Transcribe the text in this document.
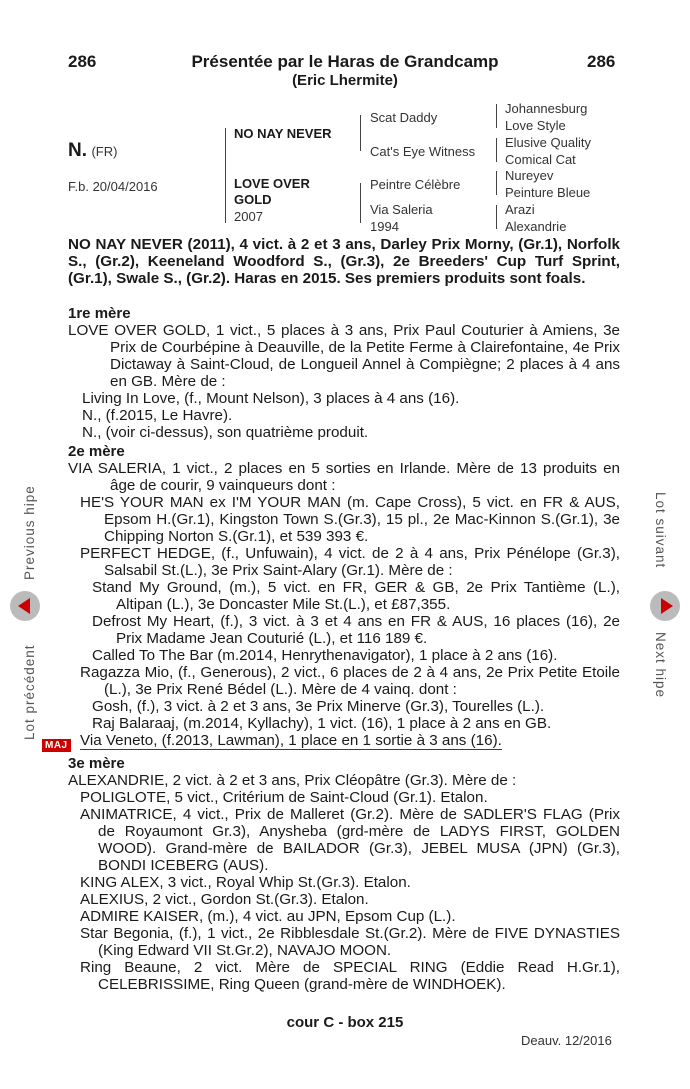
286	286
Présentée par le Haras de Grandcamp
(Eric Lhermite)
N. (FR)
F.b. 20/04/2016
NO NAY NEVER
LOVE OVER
GOLD
2007
Scat Daddy
Cat's Eye Witness
Peintre Célèbre
Via Saleria
1994
Johannesburg
Love Style
Elusive Quality
Comical Cat
Nureyev
Peinture Bleue
Arazi
Alexandrie
NO NAY NEVER (2011), 4 vict. à 2 et 3 ans, Darley Prix Morny, (Gr.1), Norfolk S., (Gr.2), Keeneland Woodford S., (Gr.3), 2e Breeders' Cup Turf Sprint, (Gr.1), Swale S., (Gr.2). Haras en 2015. Ses premiers produits sont foals.
1re mère
LOVE OVER GOLD, 1 vict., 5 places à 3 ans, Prix Paul Couturier à Amiens, 3e Prix de Courbépine à Deauville, de la Petite Ferme à Clairefontaine, 4e Prix Dictaway à Saint-Cloud, de Longueil Annel à Compiègne; 2 places à 4 ans en GB. Mère de :
Living In Love, (f., Mount Nelson), 3 places à 4 ans (16).
N., (f.2015, Le Havre).
N., (voir ci-dessus), son quatrième produit.
2e mère
VIA SALERIA, 1 vict., 2 places en 5 sorties en Irlande. Mère de 13 produits en âge de courir, 9 vainqueurs dont :
HE'S YOUR MAN ex I'M YOUR MAN (m. Cape Cross), 5 vict. en FR & AUS, Epsom H.(Gr.1), Kingston Town S.(Gr.3), 15 pl., 2e Mac-Kinnon S.(Gr.1), 3e Chipping Norton S.(Gr.1), et 539 393 €.
PERFECT HEDGE, (f., Unfuwain), 4 vict. de 2 à 4 ans, Prix Pénélope (Gr.3), Salsabil St.(L.), 3e Prix Saint-Alary (Gr.1). Mère de :
Stand My Ground, (m.), 5 vict. en FR, GER & GB, 2e Prix Tantième (L.), Altipan (L.), 3e Doncaster Mile St.(L.), et £87,355.
Defrost My Heart, (f.), 3 vict. à 3 et 4 ans en FR & AUS, 16 places (16), 2e Prix Madame Jean Couturié (L.), et 116 189 €.
Called To The Bar (m.2014, Henrythenavigator), 1 place à 2 ans (16).
Ragazza Mio, (f., Generous), 2 vict., 6 places de 2 à 4 ans, 2e Prix Petite Etoile (L.), 3e Prix René Bédel (L.). Mère de 4 vainq. dont :
Gosh, (f.), 3 vict. à 2 et 3 ans, 3e Prix Minerve (Gr.3), Tourelles (L.).
Raj Balaraaj, (m.2014, Kyllachy), 1 vict. (16), 1 place à 2 ans en GB.
Via Veneto, (f.2013, Lawman), 1 place en 1 sortie à 3 ans (16).
MAJ
3e mère
ALEXANDRIE, 2 vict. à 2 et 3 ans, Prix Cléopâtre (Gr.3). Mère de :
POLIGLOTE, 5 vict., Critérium de Saint-Cloud (Gr.1). Etalon.
ANIMATRICE, 4 vict., Prix de Malleret (Gr.2). Mère de SADLER'S FLAG (Prix de Royaumont Gr.3), Anysheba (grd-mère de LADYS FIRST, GOLDEN WOOD). Grand-mère de BAILADOR (Gr.3), JEBEL MUSA (JPN) (Gr.3), BONDI ICEBERG (AUS).
KING ALEX, 3 vict., Royal Whip St.(Gr.3). Etalon.
ALEXIUS, 2 vict., Gordon St.(Gr.3). Etalon.
ADMIRE KAISER, (m.), 4 vict. au JPN, Epsom Cup (L.).
Star Begonia, (f.), 1 vict., 2e Ribblesdale St.(Gr.2). Mère de FIVE DYNASTIES (King Edward VII St.Gr.2), NAVAJO MOON.
Ring Beaune, 2 vict. Mère de SPECIAL RING (Eddie Read H.Gr.1), CELEBRISSIME, Ring Queen (grand-mère de WINDHOEK).
Lot précédent
Previous hipe	Lot suivant
Next hipe
cour C - box 215
Deauv. 12/2016
